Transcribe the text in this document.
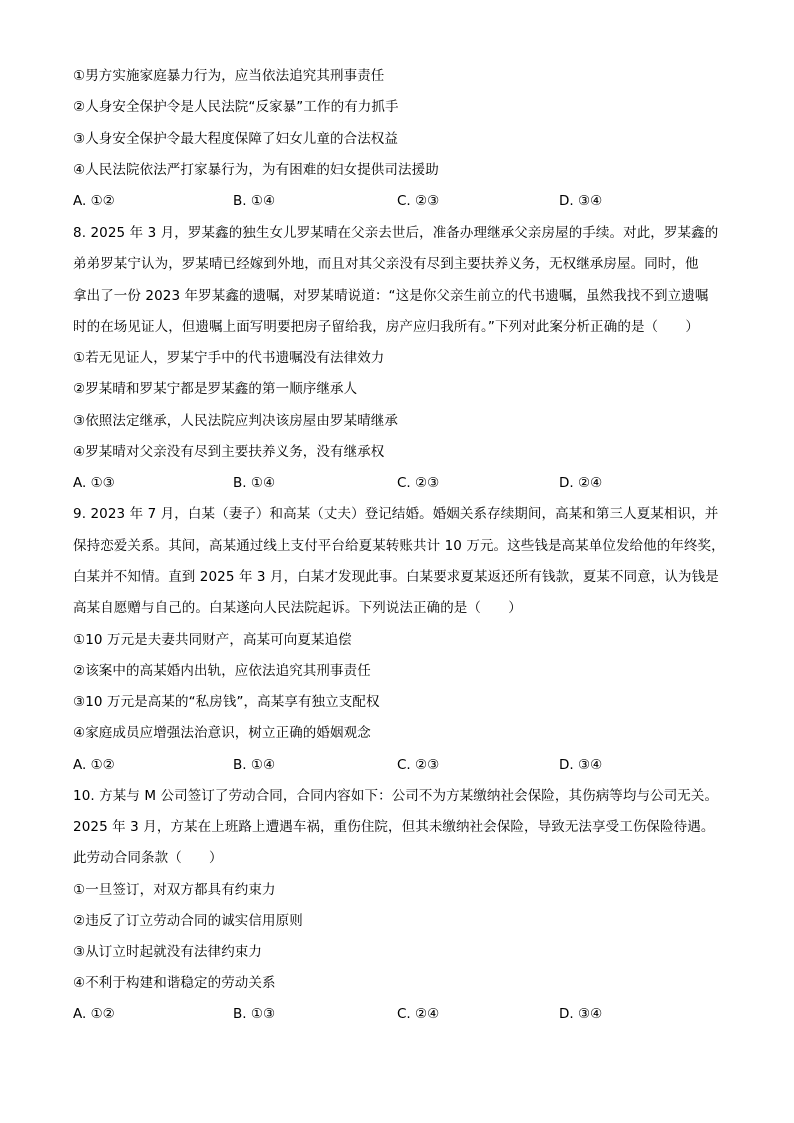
①男方实施家庭暴力行为，应当依法追究其刑事责任
②人身安全保护令是人民法院“反家暴”工作的有力抓手
③人身安全保护令最大程度保障了妇女儿童的合法权益
④人民法院依法严打家暴行为，为有困难的妇女提供司法援助
A. ①②	B. ①④	C. ②③	D. ③④
8. 2025 年 3 月，罗某鑫的独生女儿罗某晴在父亲去世后，准备办理继承父亲房屋的手续。对此，罗某鑫的
弟弟罗某宁认为，罗某晴已经嫁到外地，而且对其父亲没有尽到主要扶养义务，无权继承房屋。同时，他
拿出了一份 2023 年罗某鑫的遗嘱，对罗某晴说道：“这是你父亲生前立的代书遗嘱，虽然我找不到立遗嘱
时的在场见证人，但遗嘱上面写明要把房子留给我，房产应归我所有。”下列对此案分析正确的是（　　）
①若无见证人，罗某宁手中的代书遗嘱没有法律效力
②罗某晴和罗某宁都是罗某鑫的第一顺序继承人
③依照法定继承，人民法院应判决该房屋由罗某晴继承
④罗某晴对父亲没有尽到主要扶养义务，没有继承权
A. ①③	B. ①④	C. ②③	D. ②④
9. 2023 年 7 月，白某（妻子）和高某（丈夫）登记结婚。婚姻关系存续期间，高某和第三人夏某相识，并
保持恋爱关系。其间，高某通过线上支付平台给夏某转账共计 10 万元。这些钱是高某单位发给他的年终奖，
白某并不知情。直到 2025 年 3 月，白某才发现此事。白某要求夏某返还所有钱款，夏某不同意，认为钱是
高某自愿赠与自己的。白某遂向人民法院起诉。下列说法正确的是（　　）
①10 万元是夫妻共同财产，高某可向夏某追偿
②该案中的高某婚内出轨，应依法追究其刑事责任
③10 万元是高某的“私房钱”，高某享有独立支配权
④家庭成员应增强法治意识，树立正确的婚姻观念
A. ①②	B. ①④	C. ②③	D. ③④
10. 方某与 M 公司签订了劳动合同，合同内容如下：公司不为方某缴纳社会保险，其伤病等均与公司无关。
2025 年 3 月，方某在上班路上遭遇车祸，重伤住院，但其未缴纳社会保险，导致无法享受工伤保险待遇。
此劳动合同条款（　　）
①一旦签订，对双方都具有约束力
②违反了订立劳动合同的诚实信用原则
③从订立时起就没有法律约束力
④不利于构建和谐稳定的劳动关系
A. ①②	B. ①③	C. ②④	D. ③④
